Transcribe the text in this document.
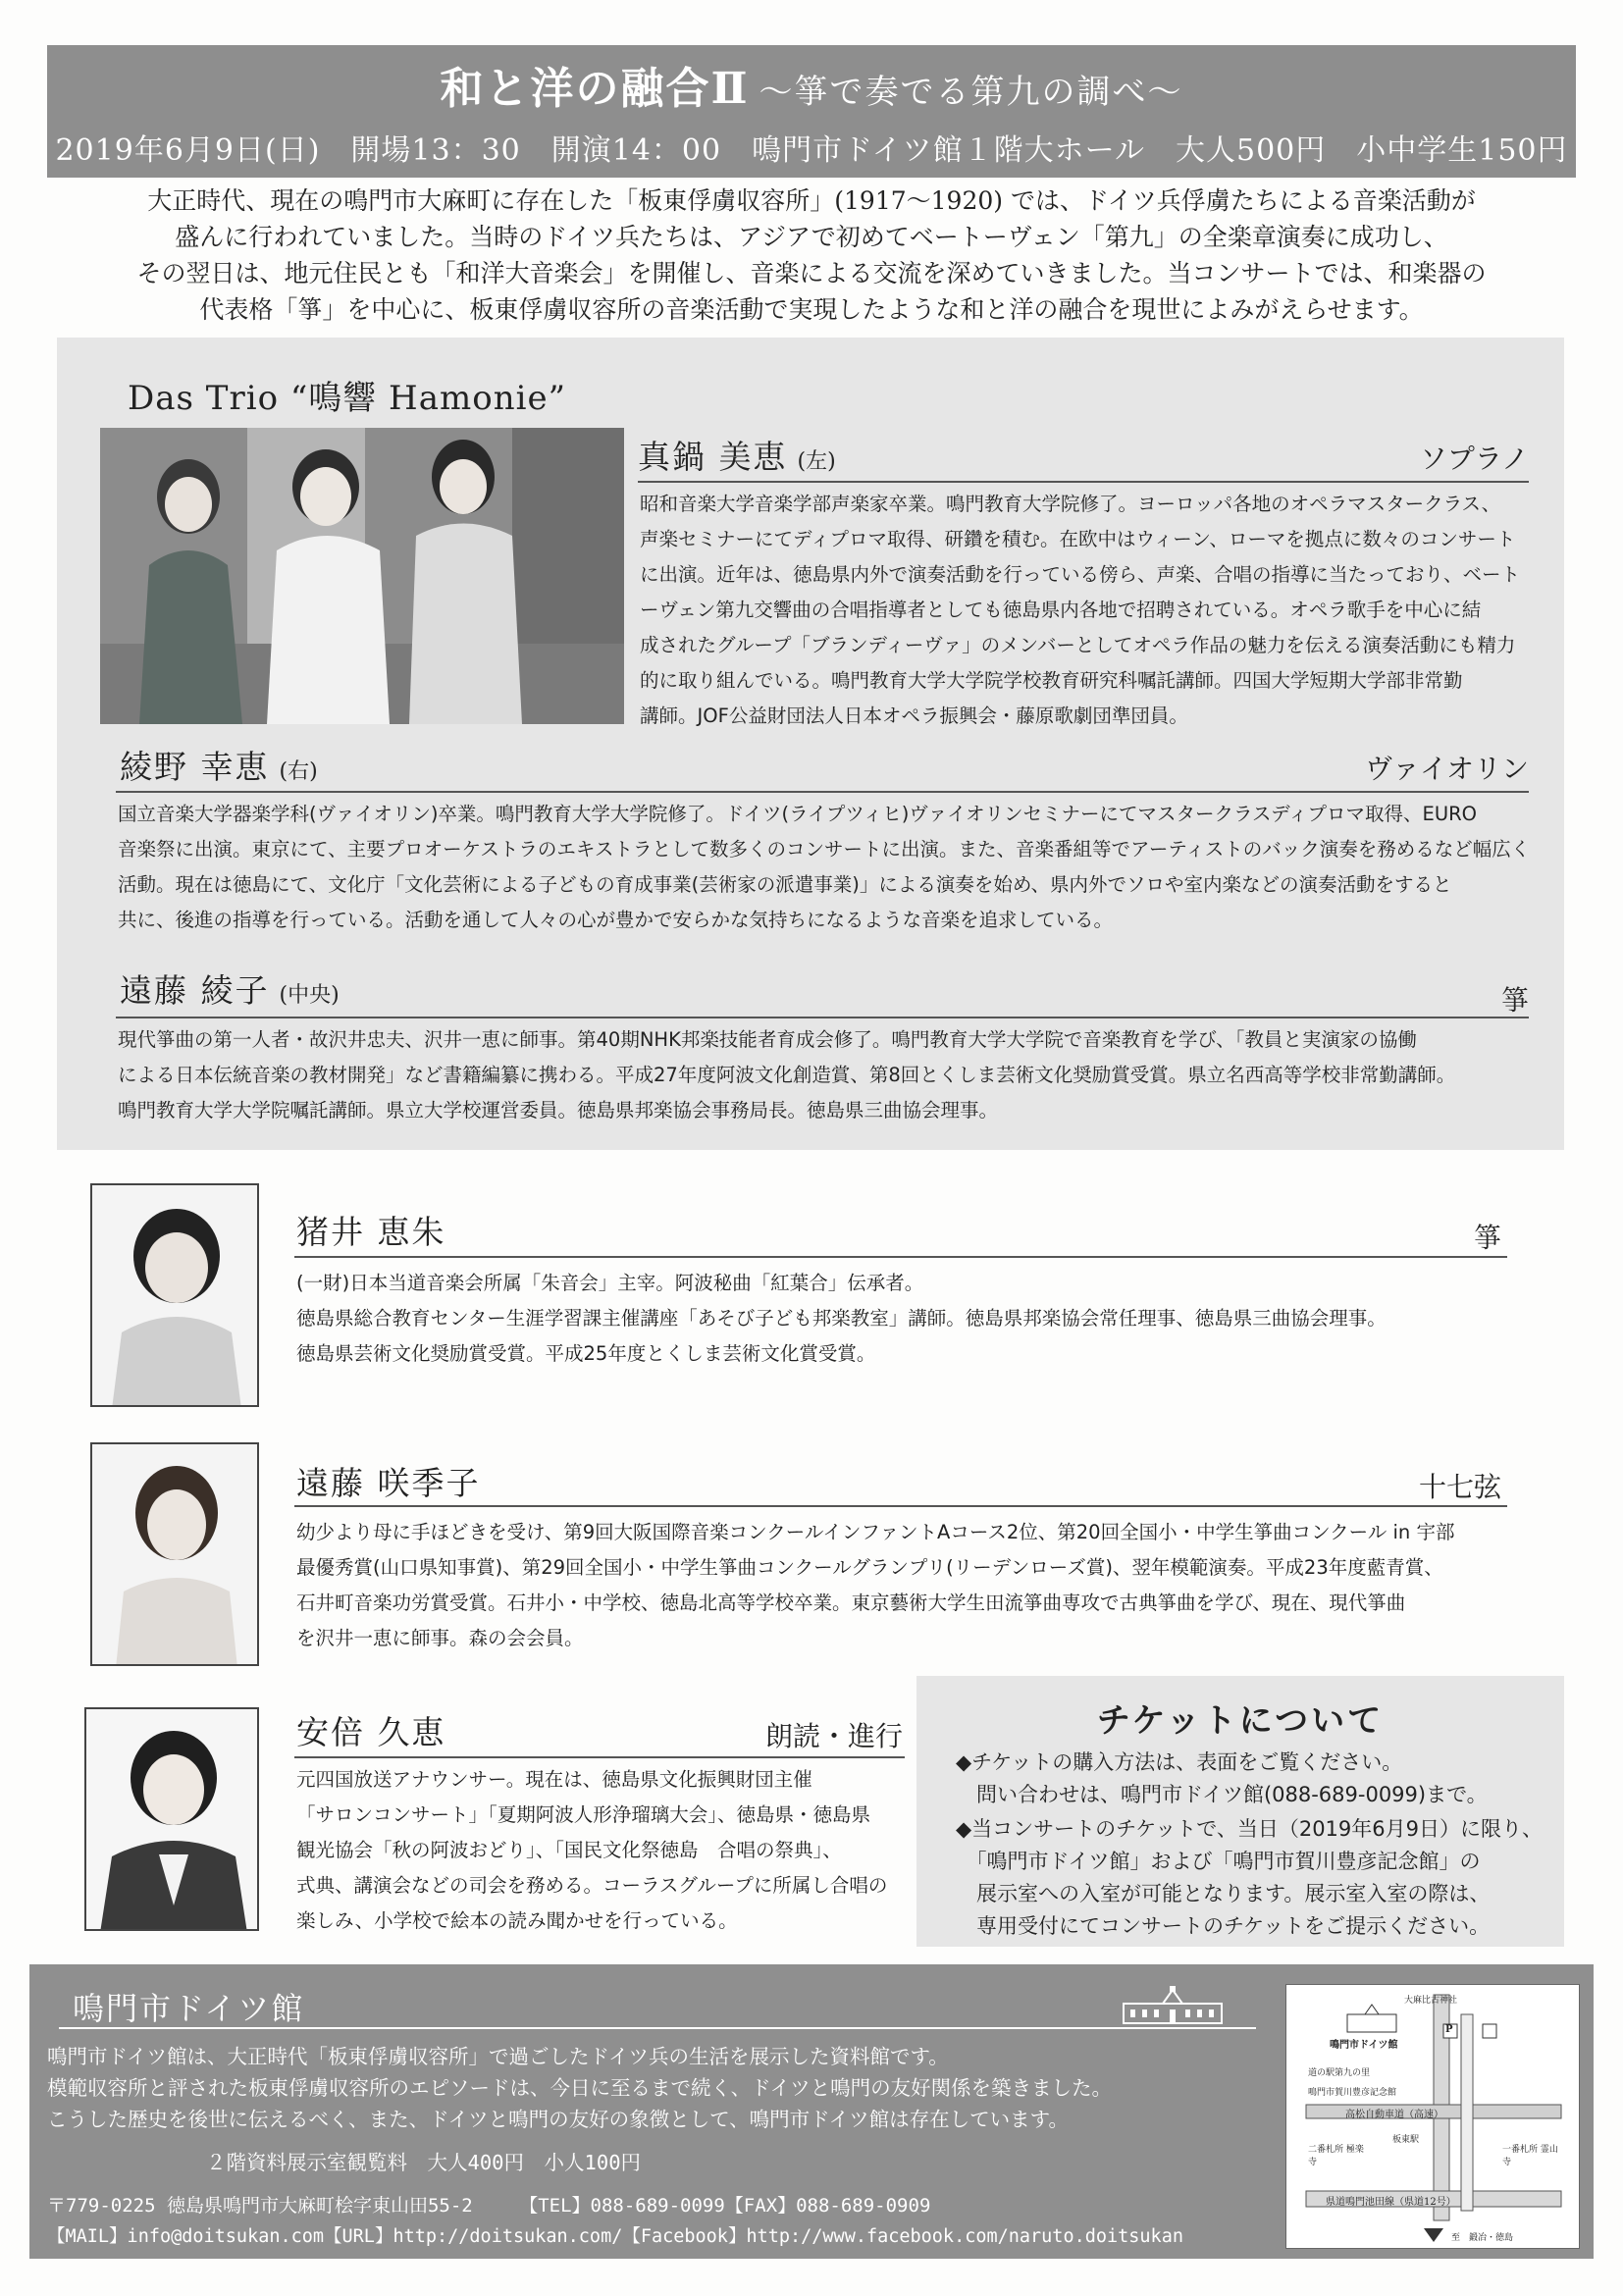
和と洋の融合Ⅱ ～箏で奏でる第九の調べ～
2019年6月9日(日)　開場13：30　開演14：00　鳴門市ドイツ館１階大ホール　大人500円　小中学生150円
大正時代、現在の鳴門市大麻町に存在した「板東俘虜収容所」(1917～1920) では、ドイツ兵俘虜たちによる音楽活動が
盛んに行われていました。当時のドイツ兵たちは、アジアで初めてベートーヴェン「第九」の全楽章演奏に成功し、
その翌日は、地元住民とも「和洋大音楽会」を開催し、音楽による交流を深めていきました。当コンサートでは、和楽器の
代表格「箏」を中心に、板東俘虜収容所の音楽活動で実現したような和と洋の融合を現世によみがえらせます。
Das Trio “鳴響 Hamonie”
真鍋 美恵 (左)	ソプラノ
昭和音楽大学音楽学部声楽家卒業。鳴門教育大学院修了。ヨーロッパ各地のオペラマスタークラス、
声楽セミナーにてディプロマ取得、研鑽を積む。在欧中はウィーン、ローマを拠点に数々のコンサート
に出演。近年は、徳島県内外で演奏活動を行っている傍ら、声楽、合唱の指導に当たっており、ベート
ーヴェン第九交響曲の合唱指導者としても徳島県内各地で招聘されている。オペラ歌手を中心に結
成されたグループ「ブランディーヴァ」のメンバーとしてオペラ作品の魅力を伝える演奏活動にも精力
的に取り組んでいる。鳴門教育大学大学院学校教育研究科嘱託講師。四国大学短期大学部非常勤
講師。JOF公益財団法人日本オペラ振興会・藤原歌劇団準団員。
綾野 幸恵 (右)	ヴァイオリン
国立音楽大学器楽学科(ヴァイオリン)卒業。鳴門教育大学大学院修了。ドイツ(ライプツィヒ)ヴァイオリンセミナーにてマスタークラスディプロマ取得、EURO
音楽祭に出演。東京にて、主要プロオーケストラのエキストラとして数多くのコンサートに出演。また、音楽番組等でアーティストのバック演奏を務めるなど幅広く
活動。現在は徳島にて、文化庁「文化芸術による子どもの育成事業(芸術家の派遣事業)」による演奏を始め、県内外でソロや室内楽などの演奏活動をすると
共に、後進の指導を行っている。活動を通して人々の心が豊かで安らかな気持ちになるような音楽を追求している。
遠藤 綾子 (中央)	箏
現代箏曲の第一人者・故沢井忠夫、沢井一恵に師事。第40期NHK邦楽技能者育成会修了。鳴門教育大学大学院で音楽教育を学び、「教員と実演家の協働
による日本伝統音楽の教材開発」など書籍編纂に携わる。平成27年度阿波文化創造賞、第8回とくしま芸術文化奨励賞受賞。県立名西高等学校非常勤講師。
鳴門教育大学大学院嘱託講師。県立大学校運営委員。徳島県邦楽協会事務局長。徳島県三曲協会理事。
猪井 恵朱	箏
(一財)日本当道音楽会所属「朱音会」主宰。阿波秘曲「紅葉合」伝承者。
徳島県総合教育センター生涯学習課主催講座「あそび子ども邦楽教室」講師。徳島県邦楽協会常任理事、徳島県三曲協会理事。
徳島県芸術文化奨励賞受賞。平成25年度とくしま芸術文化賞受賞。
遠藤 咲季子	十七弦
幼少より母に手ほどきを受け、第9回大阪国際音楽コンクールインファントAコース2位、第20回全国小・中学生箏曲コンクール in 宇部
最優秀賞(山口県知事賞)、第29回全国小・中学生箏曲コンクールグランプリ(リーデンローズ賞)、翌年模範演奏。平成23年度藍青賞、
石井町音楽功労賞受賞。石井小・中学校、徳島北高等学校卒業。東京藝術大学生田流箏曲専攻で古典箏曲を学び、現在、現代箏曲
を沢井一恵に師事。森の会会員。
安倍 久恵	朗読・進行
元四国放送アナウンサー。現在は、徳島県文化振興財団主催
「サロンコンサート」「夏期阿波人形浄瑠璃大会」、徳島県・徳島県
観光協会「秋の阿波おどり」、「国民文化祭徳島　合唱の祭典」、
式典、講演会などの司会を務める。コーラスグループに所属し合唱の
楽しみ、小学校で絵本の読み聞かせを行っている。
チケットについて
◆チケットの購入方法は、表面をご覧ください。
　問い合わせは、鳴門市ドイツ館(088-689-0099)まで。
◆当コンサートのチケットで、当日（2019年6月9日）に限り、
　「鳴門市ドイツ館」および「鳴門市賀川豊彦記念館」の
　展示室への入室が可能となります。展示室入室の際は、
　専用受付にてコンサートのチケットをご提示ください。
鳴門市ドイツ館
鳴門市ドイツ館は、大正時代「板東俘虜収容所」で過ごしたドイツ兵の生活を展示した資料館です。
模範収容所と評された板東俘虜収容所のエピソードは、今日に至るまで続く、ドイツと鳴門の友好関係を築きました。
こうした歴史を後世に伝えるべく、また、ドイツと鳴門の友好の象徴として、鳴門市ドイツ館は存在しています。
２階資料展示室観覧料　大人400円　小人100円
〒779-0225 徳島県鳴門市大麻町桧字東山田55-2　　　【TEL】088-689-0099【FAX】088-689-0909
【MAIL】info@doitsukan.com【URL】http://doitsukan.com/【Facebook】http://www.facebook.com/naruto.doitsukan
大麻比古神社
鳴門市ドイツ館
道の駅第九の里
鳴門市賀川豊彦記念館
高松自動車道（高速）
板東駅
二番札所 極楽寺
一番札所 霊山寺
県道鳴門池田線（県道12号）
至　鍛冶・徳島
P
